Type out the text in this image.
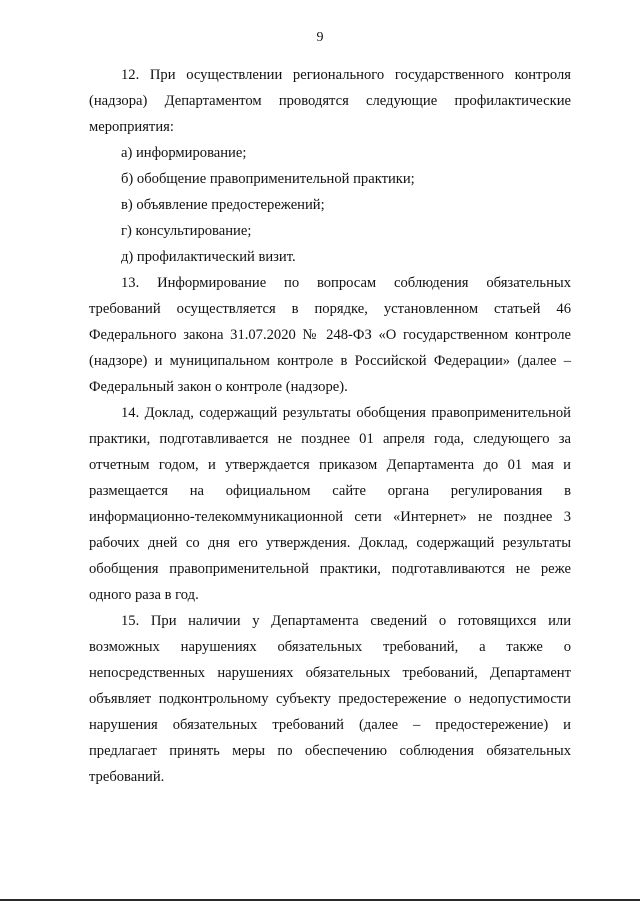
9

12. При осуществлении регионального государственного контроля (надзора) Департаментом проводятся следующие профилактические мероприятия:

а) информирование;

б) обобщение правоприменительной практики;

в) объявление предостережений;

г) консультирование;

д) профилактический визит.

13. Информирование по вопросам соблюдения обязательных требований осуществляется в порядке, установленном статьей 46 Федерального закона 31.07.2020 № 248-ФЗ «О государственном контроле (надзоре) и муниципальном контроле в Российской Федерации» (далее – Федеральный закон о контроле (надзоре).

14. Доклад, содержащий результаты обобщения правоприменительной практики, подготавливается не позднее 01 апреля года, следующего за отчетным годом, и утверждается приказом Департамента до 01 мая и размещается на официальном сайте органа регулирования в информационно-телекоммуникационной сети «Интернет» не позднее 3 рабочих дней со дня его утверждения. Доклад, содержащий результаты обобщения правоприменительной практики, подготавливаются не реже одного раза в год.

15. При наличии у Департамента сведений о готовящихся или возможных нарушениях обязательных требований, а также о непосредственных нарушениях обязательных требований, Департамент объявляет подконтрольному субъекту предостережение о недопустимости нарушения обязательных требований (далее – предостережение) и предлагает принять меры по обеспечению соблюдения обязательных требований.
